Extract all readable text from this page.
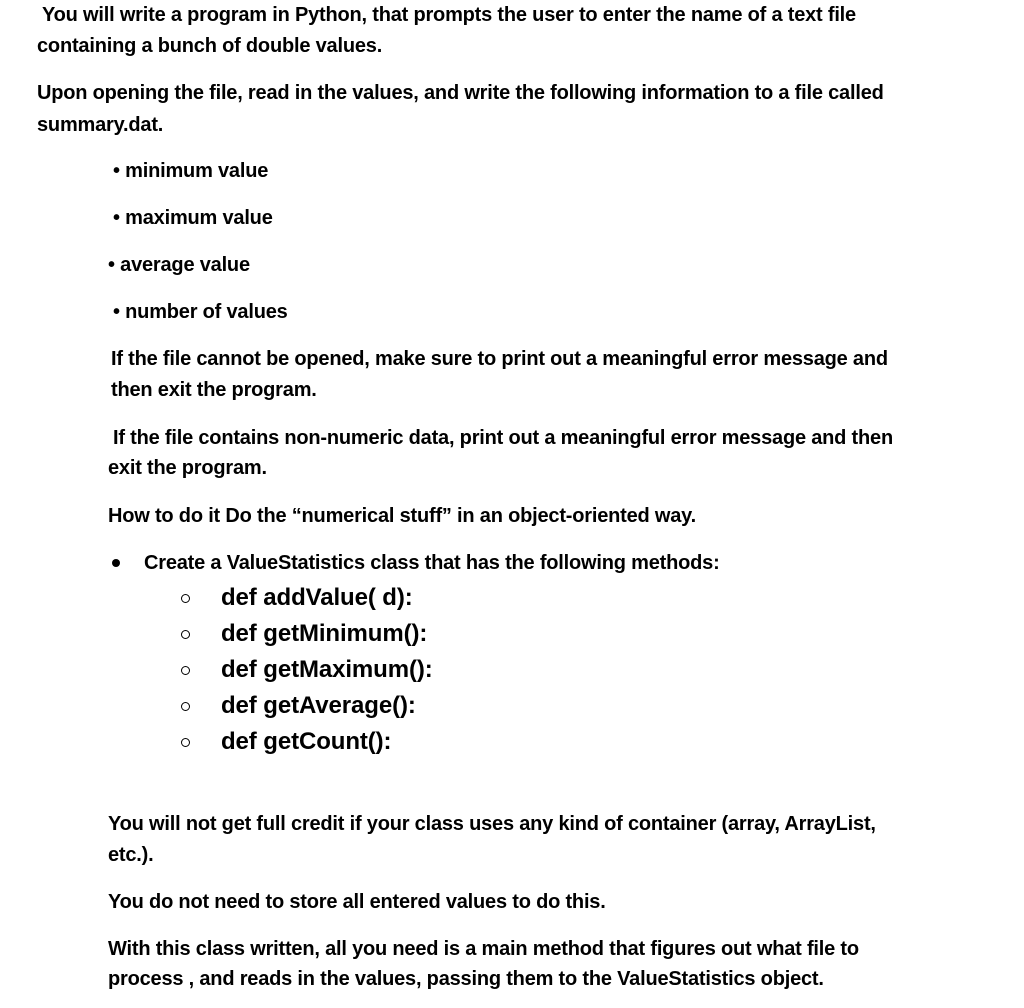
You will write a program in Python, that prompts the user to enter the name of a text file
containing a bunch of double values.
Upon opening the file, read in the values, and write the following information to a file called
summary.dat.
• minimum value
• maximum value
• average value
• number of values
If the file cannot be opened, make sure to print out a meaningful error message and
then exit the program.
If the file contains non-numeric data, print out a meaningful error message and then
exit the program.
How to do it Do the “numerical stuff” in an object-oriented way.
Create a ValueStatistics class that has the following methods:
def addValue( d):
def getMinimum():
def getMaximum():
def getAverage():
def getCount():
You will not get full credit if your class uses any kind of container (array, ArrayList,
etc.).
You do not need to store all entered values to do this.
With this class written, all you need is a main method that figures out what file to
process , and reads in the values, passing them to the ValueStatistics object.
